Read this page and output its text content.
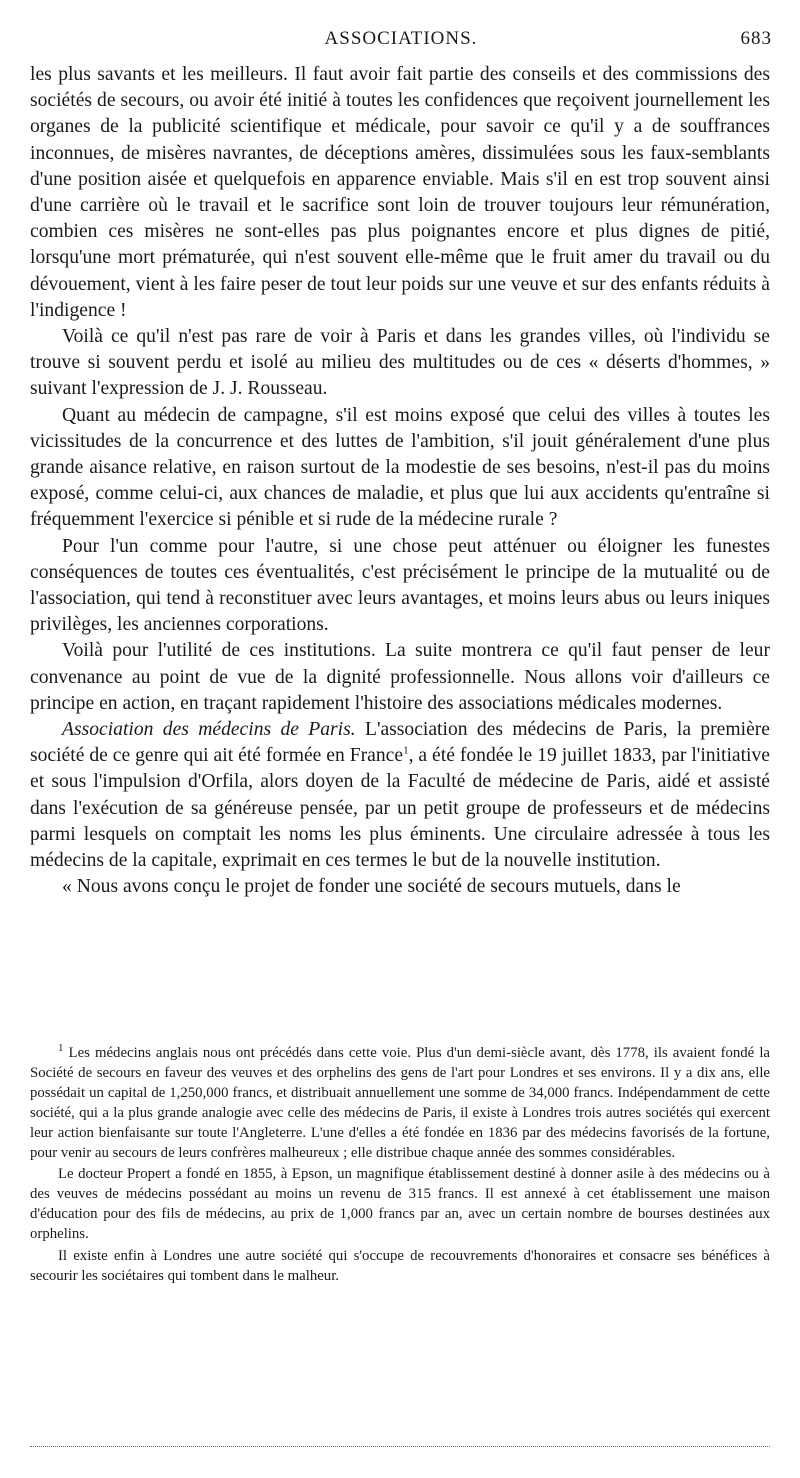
ASSOCIATIONS.	683

les plus savants et les meilleurs. Il faut avoir fait partie des conseils et des commissions des sociétés de secours, ou avoir été initié à toutes les confidences que reçoivent journellement les organes de la publicité scientifique et médicale, pour savoir ce qu'il y a de souffrances inconnues, de misères navrantes, de déceptions amères, dissimulées sous les faux-semblants d'une position aisée et quelquefois en apparence enviable. Mais s'il en est trop souvent ainsi d'une carrière où le travail et le sacrifice sont loin de trouver toujours leur rémunération, combien ces misères ne sont-elles pas plus poignantes encore et plus dignes de pitié, lorsqu'une mort prématurée, qui n'est souvent elle-même que le fruit amer du travail ou du dévouement, vient à les faire peser de tout leur poids sur une veuve et sur des enfants réduits à l'indigence !

Voilà ce qu'il n'est pas rare de voir à Paris et dans les grandes villes, où l'individu se trouve si souvent perdu et isolé au milieu des multitudes ou de ces « déserts d'hommes, » suivant l'expression de J. J. Rousseau.

Quant au médecin de campagne, s'il est moins exposé que celui des villes à toutes les vicissitudes de la concurrence et des luttes de l'ambition, s'il jouit généralement d'une plus grande aisance relative, en raison surtout de la modestie de ses besoins, n'est-il pas du moins exposé, comme celui-ci, aux chances de maladie, et plus que lui aux accidents qu'entraîne si fréquemment l'exercice si pénible et si rude de la médecine rurale ?

Pour l'un comme pour l'autre, si une chose peut atténuer ou éloigner les funestes conséquences de toutes ces éventualités, c'est précisément le principe de la mutualité ou de l'association, qui tend à reconstituer avec leurs avantages, et moins leurs abus ou leurs iniques privilèges, les anciennes corporations.

Voilà pour l'utilité de ces institutions. La suite montrera ce qu'il faut penser de leur convenance au point de vue de la dignité professionnelle. Nous allons voir d'ailleurs ce principe en action, en traçant rapidement l'histoire des associations médicales modernes.

Association des médecins de Paris. L'association des médecins de Paris, la première société de ce genre qui ait été formée en France$^1$, a été fondée le 19 juillet 1833, par l'initiative et sous l'impulsion d'Orfila, alors doyen de la Faculté de médecine de Paris, aidé et assisté dans l'exécution de sa généreuse pensée, par un petit groupe de professeurs et de médecins parmi lesquels on comptait les noms les plus éminents. Une circulaire adressée à tous les médecins de la capitale, exprimait en ces termes le but de la nouvelle institution.

« Nous avons conçu le projet de fonder une société de secours mutuels, dans le

$^1$ Les médecins anglais nous ont précédés dans cette voie. Plus d'un demi-siècle avant, dès 1778, ils avaient fondé la Société de secours en faveur des veuves et des orphelins des gens de l'art pour Londres et ses environs. Il y a dix ans, elle possédait un capital de 1,250,000 francs, et distribuait annuellement une somme de 34,000 francs. Indépendamment de cette société, qui a la plus grande analogie avec celle des médecins de Paris, il existe à Londres trois autres sociétés qui exercent leur action bienfaisante sur toute l'Angleterre. L'une d'elles a été fondée en 1836 par des médecins favorisés de la fortune, pour venir au secours de leurs confrères malheureux ; elle distribue chaque année des sommes considérables.

Le docteur Propert a fondé en 1855, à Epson, un magnifique établissement destiné à donner asile à des médecins ou à des veuves de médecins possédant au moins un revenu de 315 francs. Il est annexé à cet établissement une maison d'éducation pour des fils de médecins, au prix de 1,000 francs par an, avec un certain nombre de bourses destinées aux orphelins.

Il existe enfin à Londres une autre société qui s'occupe de recouvrements d'honoraires et consacre ses bénéfices à secourir les sociétaires qui tombent dans le malheur.
